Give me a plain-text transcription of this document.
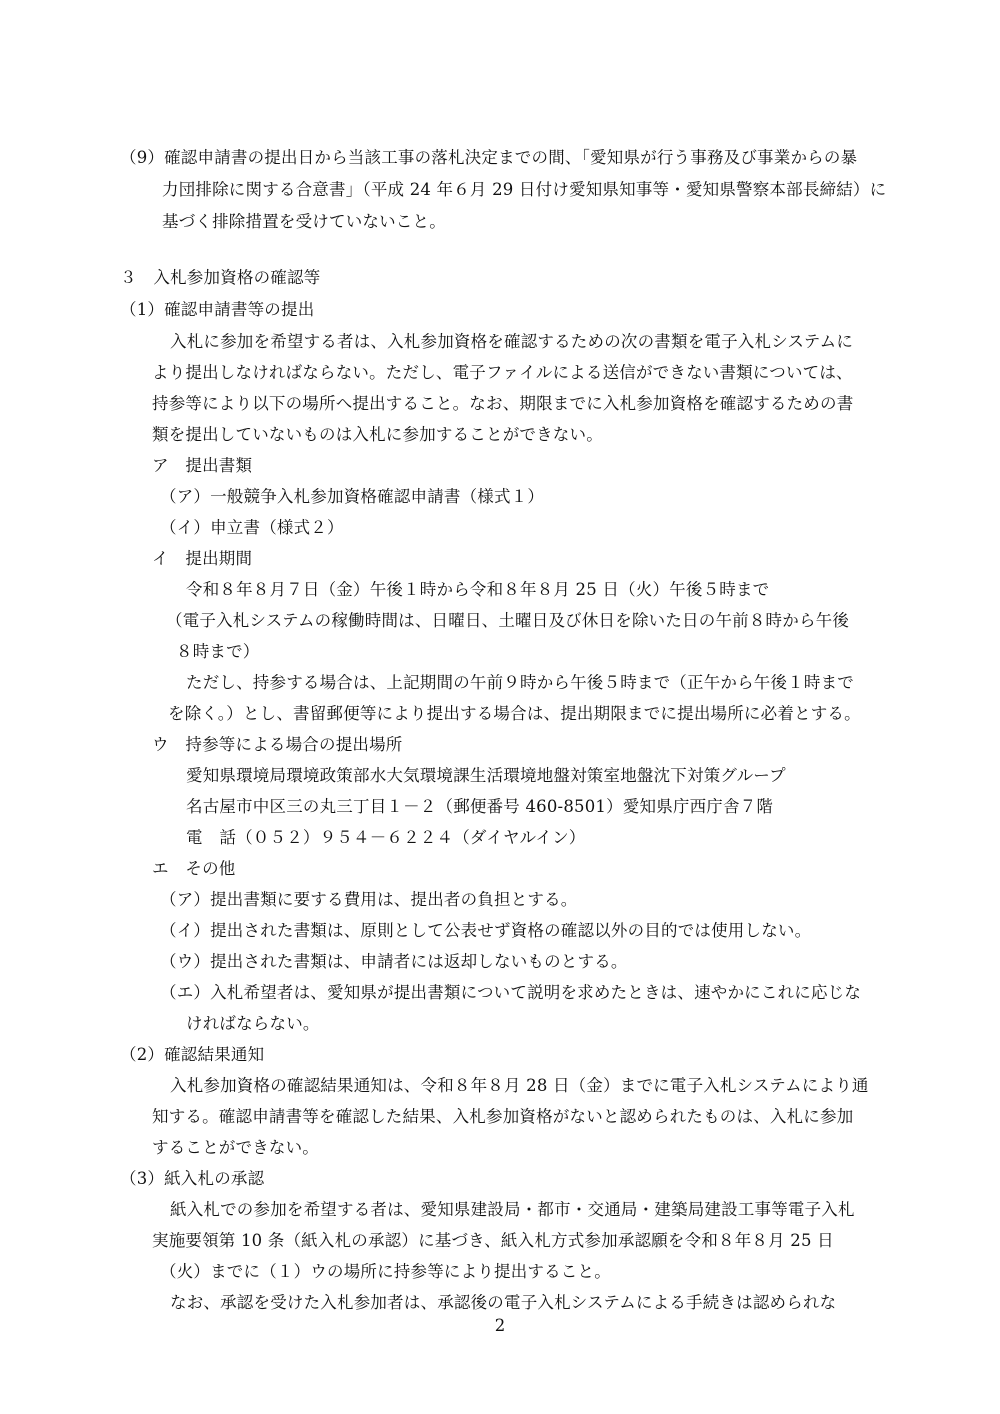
（9）確認申請書の提出日から当該工事の落札決定までの間、「愛知県が行う事務及び事業からの暴
力団排除に関する合意書」（平成 24 年６月 29 日付け愛知県知事等・愛知県警察本部長締結）に
基づく排除措置を受けていないこと。
３　入札参加資格の確認等
（1）確認申請書等の提出
入札に参加を希望する者は、入札参加資格を確認するための次の書類を電子入札システムに
より提出しなければならない。ただし、電子ファイルによる送信ができない書類については、
持参等により以下の場所へ提出すること。なお、期限までに入札参加資格を確認するための書
類を提出していないものは入札に参加することができない。
ア　提出書類
（ア）一般競争入札参加資格確認申請書（様式１）
（イ）申立書（様式２）
イ　提出期間
令和８年８月７日（金）午後１時から令和８年８月 25 日（火）午後５時まで
（電子入札システムの稼働時間は、日曜日、土曜日及び休日を除いた日の午前８時から午後
８時まで）
ただし、持参する場合は、上記期間の午前９時から午後５時まで（正午から午後１時まで
を除く。）とし、書留郵便等により提出する場合は、提出期限までに提出場所に必着とする。
ウ　持参等による場合の提出場所
愛知県環境局環境政策部水大気環境課生活環境地盤対策室地盤沈下対策グループ
名古屋市中区三の丸三丁目１－２（郵便番号 460-8501）愛知県庁西庁舎７階
電　話（０５２）９５４－６２２４（ダイヤルイン）
エ　その他
（ア）提出書類に要する費用は、提出者の負担とする。
（イ）提出された書類は、原則として公表せず資格の確認以外の目的では使用しない。
（ウ）提出された書類は、申請者には返却しないものとする。
（エ）入札希望者は、愛知県が提出書類について説明を求めたときは、速やかにこれに応じな
ければならない。
（2）確認結果通知
入札参加資格の確認結果通知は、令和８年８月 28 日（金）までに電子入札システムにより通
知する。確認申請書等を確認した結果、入札参加資格がないと認められたものは、入札に参加
することができない。
（3）紙入札の承認
紙入札での参加を希望する者は、愛知県建設局・都市・交通局・建築局建設工事等電子入札
実施要領第 10 条（紙入札の承認）に基づき、紙入札方式参加承認願を令和８年８月 25 日
（火）までに（１）ウの場所に持参等により提出すること。
なお、承認を受けた入札参加者は、承認後の電子入札システムによる手続きは認められな
2
